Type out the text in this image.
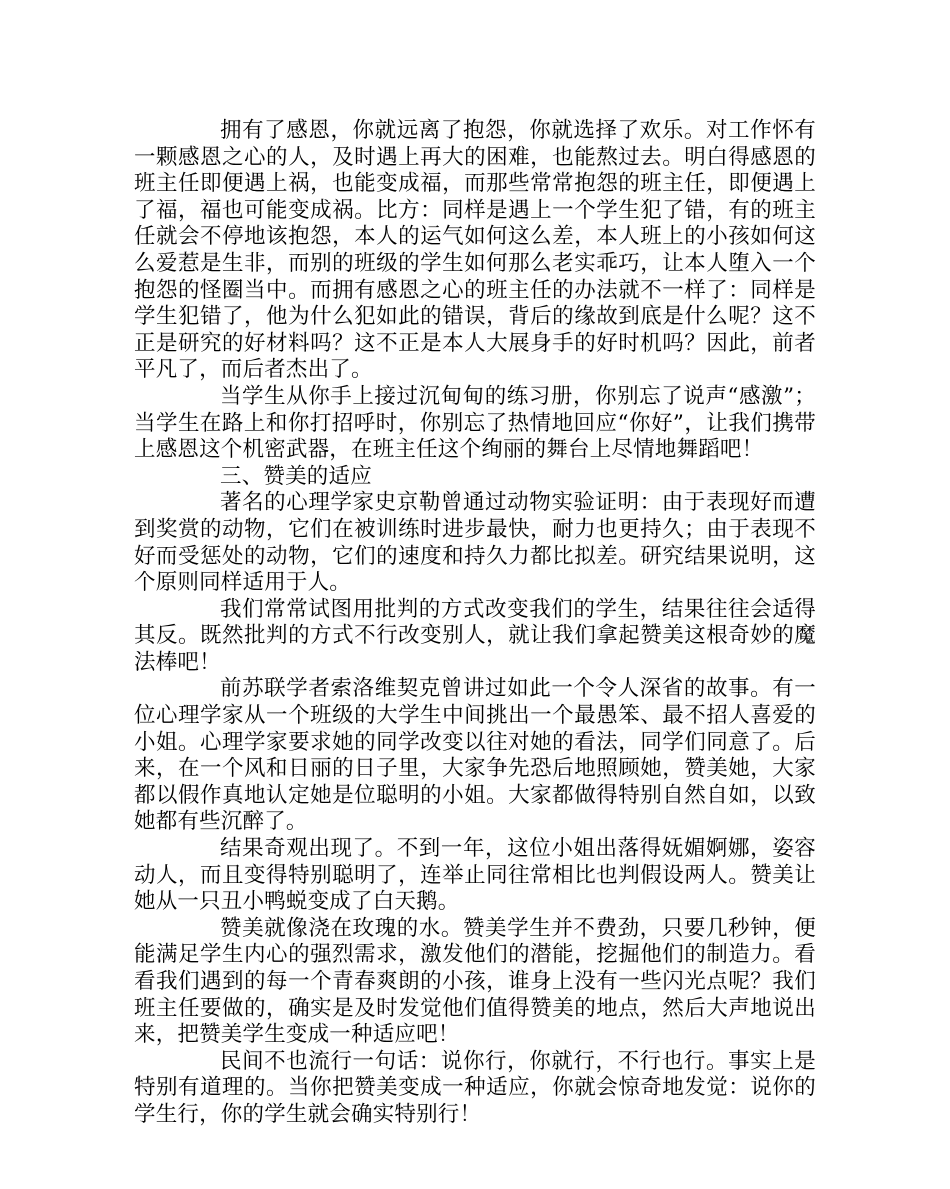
拥有了感恩，你就远离了抱怨，你就选择了欢乐。对工作怀有一颗感恩之心的人，及时遇上再大的困难，也能熬过去。明白得感恩的班主任即便遇上祸，也能变成福，而那些常常抱怨的班主任，即便遇上了福，福也可能变成祸。比方：同样是遇上一个学生犯了错，有的班主任就会不停地该抱怨，本人的运气如何这么差，本人班上的小孩如何这么爱惹是生非，而别的班级的学生如何那么老实乖巧，让本人堕入一个抱怨的怪圈当中。而拥有感恩之心的班主任的办法就不一样了：同样是学生犯错了，他为什么犯如此的错误，背后的缘故到底是什么呢？这不正是研究的好材料吗？这不正是本人大展身手的好时机吗？因此，前者平凡了，而后者杰出了。

当学生从你手上接过沉甸甸的练习册，你别忘了说声“感激”；当学生在路上和你打招呼时，你别忘了热情地回应“你好”，让我们携带上感恩这个机密武器，在班主任这个绚丽的舞台上尽情地舞蹈吧！

三、赞美的适应

著名的心理学家史京勒曾通过动物实验证明：由于表现好而遭到奖赏的动物，它们在被训练时进步最快，耐力也更持久；由于表现不好而受惩处的动物，它们的速度和持久力都比拟差。研究结果说明，这个原则同样适用于人。

我们常常试图用批判的方式改变我们的学生，结果往往会适得其反。既然批判的方式不行改变别人，就让我们拿起赞美这根奇妙的魔法棒吧！

前苏联学者索洛维契克曾讲过如此一个令人深省的故事。有一位心理学家从一个班级的大学生中间挑出一个最愚笨、最不招人喜爱的小姐。心理学家要求她的同学改变以往对她的看法，同学们同意了。后来，在一个风和日丽的日子里，大家争先恐后地照顾她，赞美她，大家都以假作真地认定她是位聪明的小姐。大家都做得特别自然自如，以致她都有些沉醉了。

结果奇观出现了。不到一年，这位小姐出落得妩媚婀娜，姿容动人，而且变得特别聪明了，连举止同往常相比也判假设两人。赞美让她从一只丑小鸭蜕变成了白天鹅。

赞美就像浇在玫瑰的水。赞美学生并不费劲，只要几秒钟，便能满足学生内心的强烈需求，激发他们的潜能，挖掘他们的制造力。看看我们遇到的每一个青春爽朗的小孩，谁身上没有一些闪光点呢？我们班主任要做的，确实是及时发觉他们值得赞美的地点，然后大声地说出来，把赞美学生变成一种适应吧！

民间不也流行一句话：说你行，你就行，不行也行。事实上是特别有道理的。当你把赞美变成一种适应，你就会惊奇地发觉：说你的学生行，你的学生就会确实特别行！
